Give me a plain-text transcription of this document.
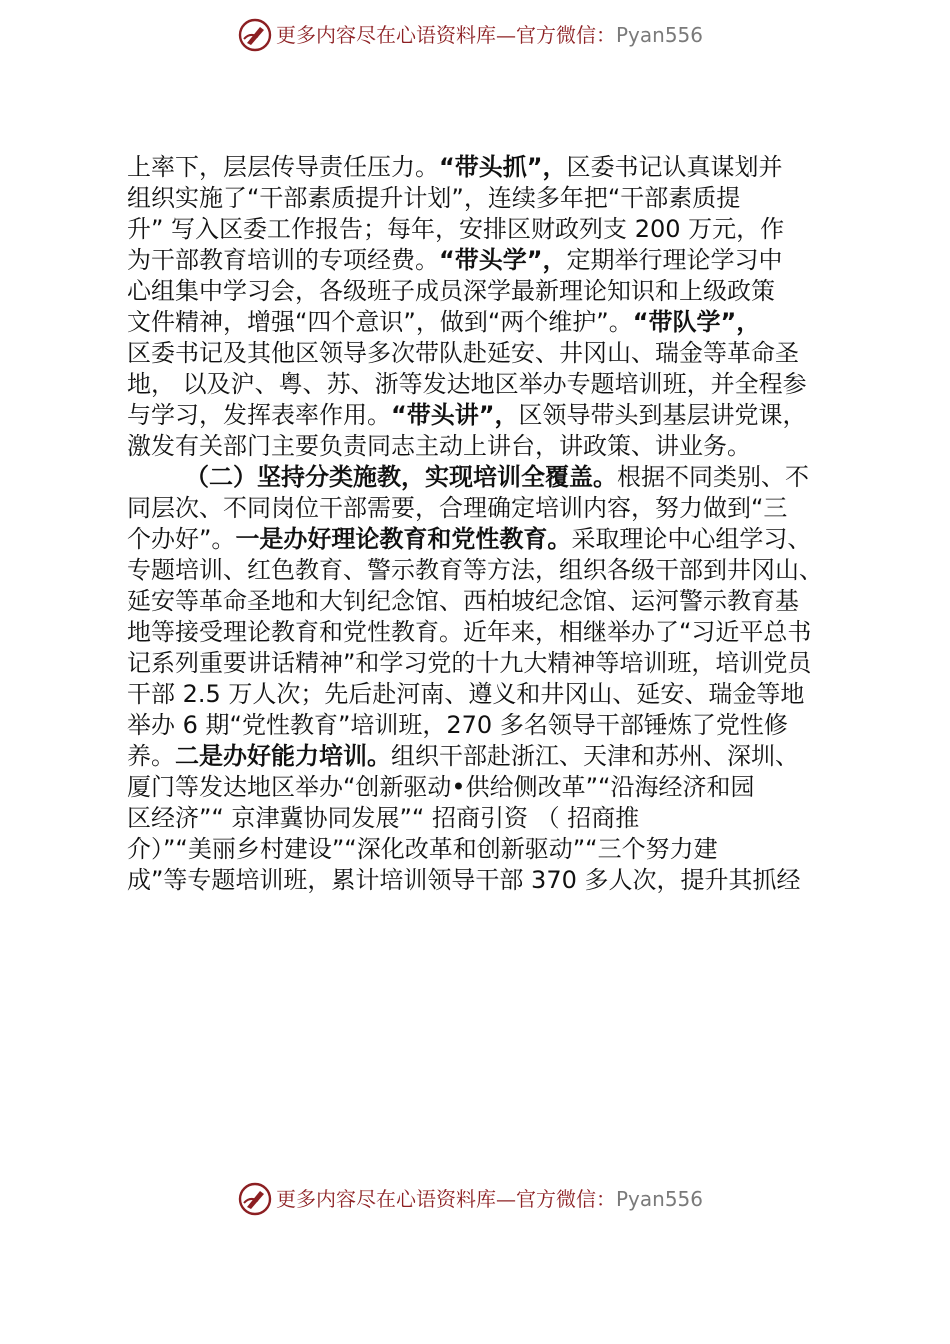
更多内容尽在心语资料库—官方微信：Pyan556
上率下，层层传导责任压力。“带头抓”，区委书记认真谋划并
组织实施了“干部素质提升计划”，连续多年把“干部素质提
升” 写入区委工作报告；每年，安排区财政列支 200 万元，作
为干部教育培训的专项经费。“带头学”，定期举行理论学习中
心组集中学习会，各级班子成员深学最新理论知识和上级政策
文件精神，增强“四个意识”，做到“两个维护”。“带队学”，
区委书记及其他区领导多次带队赴延安、井冈山、瑞金等革命圣
地， 以及沪、粤、苏、浙等发达地区举办专题培训班，并全程参
与学习，发挥表率作用。“带头讲”，区领导带头到基层讲党课，
激发有关部门主要负责同志主动上讲台，讲政策、讲业务。
（二）坚持分类施教，实现培训全覆盖。根据不同类别、不
同层次、不同岗位干部需要，合理确定培训内容，努力做到“三
个办好”。一是办好理论教育和党性教育。采取理论中心组学习、
专题培训、红色教育、警示教育等方法，组织各级干部到井冈山、
延安等革命圣地和大钊纪念馆、西柏坡纪念馆、运河警示教育基
地等接受理论教育和党性教育。近年来，相继举办了“习近平总书
记系列重要讲话精神”和学习党的十九大精神等培训班，培训党员
干部 2.5 万人次；先后赴河南、遵义和井冈山、延安、瑞金等地
举办 6 期“党性教育”培训班，270 多名领导干部锤炼了党性修
养。二是办好能力培训。组织干部赴浙江、天津和苏州、深圳、
厦门等发达地区举办“创新驱动•供给侧改革”“沿海经济和园
区经济”“ 京津冀协同发展”“ 招商引资 （ 招商推
介）”“美丽乡村建设”“深化改革和创新驱动”“三个努力建
成”等专题培训班，累计培训领导干部 370 多人次，提升其抓经
更多内容尽在心语资料库—官方微信：Pyan556
